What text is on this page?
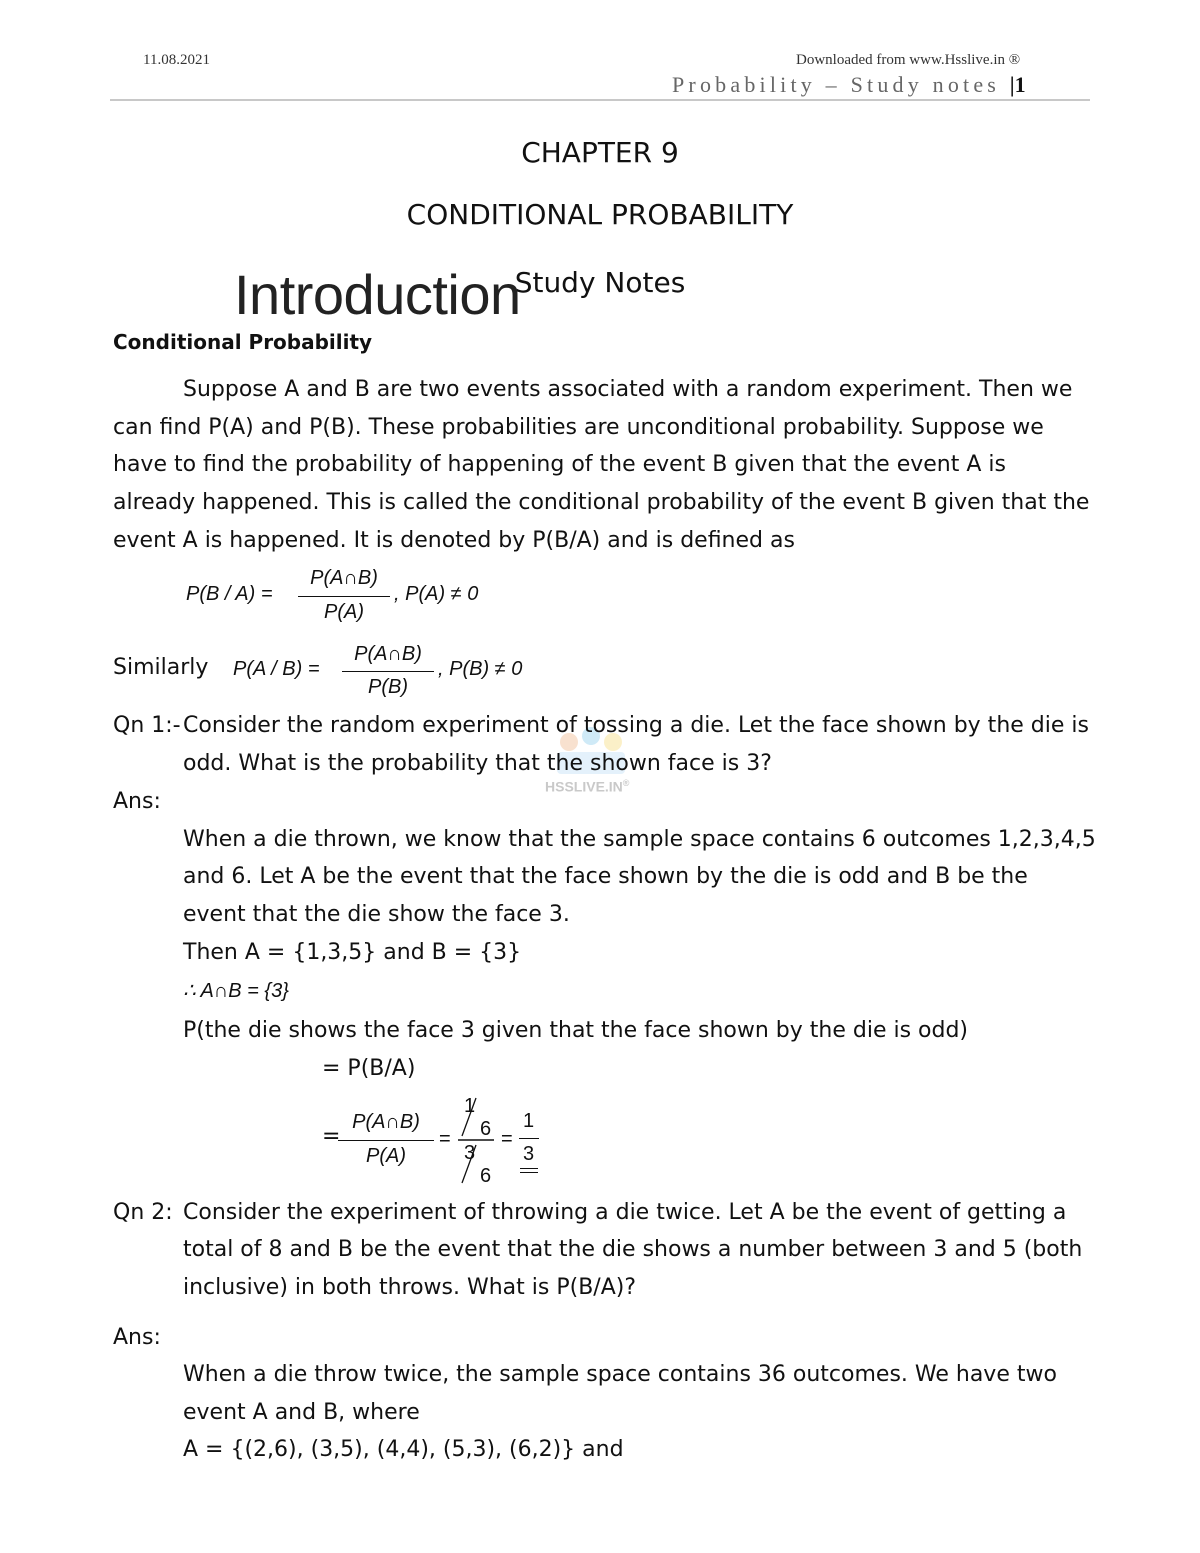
11.08.2021	Downloaded from www.Hsslive.in ®
Probability – Study notes |1
CHAPTER 9
CONDITIONAL PROBABILITY
Study Notes
Introduction
Conditional Probability
Suppose A and B are two events associated with a random experiment. Then we
can find P(A) and P(B). These probabilities are unconditional probability. Suppose we
have to find the probability of happening of the event B given that the event A is
already happened. This is called the conditional probability of the event B given that the
event A is happened. It is denoted by P(B/A) and is defined as
P(B / A) =
P(A∩B)
P(A)
, P(A) ≠ 0
Similarly P(A / B) =
P(A∩B)
P(B)
, P(B) ≠ 0
HSSLIVE.IN®
Qn 1:- Consider the random experiment of tossing a die. Let the face shown by the die is
odd. What is the probability that the shown face is 3?
Ans:
When a die thrown, we know that the sample space contains 6 outcomes 1,2,3,4,5
and 6. Let A be the event that the face shown by the die is odd and B be the
event that the die show the face 3.
Then A = {1,3,5} and B = {3}
∴ A∩B = {3}
P(the die shows the face 3 given that the face shown by the die is odd)
= P(B/A)
=
P(A∩B)
P(A)
=
1
6
3
6
=
1
3
Qn 2: Consider the experiment of throwing a die twice. Let A be the event of getting a
total of 8 and B be the event that the die shows a number between 3 and 5 (both
inclusive) in both throws. What is P(B/A)?
Ans:
When a die throw twice, the sample space contains 36 outcomes. We have two
event A and B, where
A = {(2,6), (3,5), (4,4), (5,3), (6,2)} and
